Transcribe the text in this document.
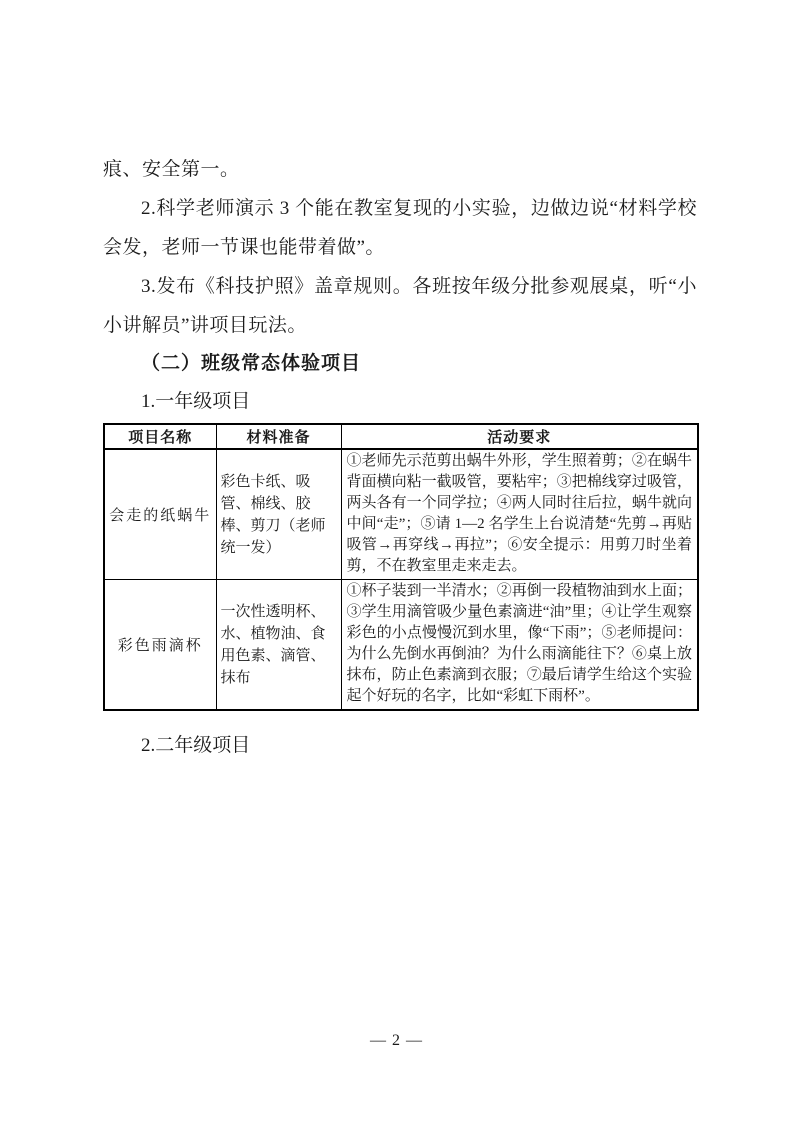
痕、安全第一。

2.科学老师演示 3 个能在教室复现的小实验，边做边说“材料学校会发，老师一节课也能带着做”。

3.发布《科技护照》盖章规则。各班按年级分批参观展桌，听“小小讲解员”讲项目玩法。

（二）班级常态体验项目

1.一年级项目

项目名称	材料准备	活动要求
会走的纸蜗牛	彩色卡纸、吸管、棉线、胶棒、剪刀（老师统一发）	①老师先示范剪出蜗牛外形，学生照着剪；②在蜗牛背面横向粘一截吸管，要粘牢；③把棉线穿过吸管，两头各有一个同学拉；④两人同时往后拉，蜗牛就向中间“走”；⑤请 1—2 名学生上台说清楚“先剪→再贴吸管→再穿线→再拉”；⑥安全提示：用剪刀时坐着剪，不在教室里走来走去。
彩色雨滴杯	一次性透明杯、水、植物油、食用色素、滴管、抹布	①杯子装到一半清水；②再倒一段植物油到水上面；③学生用滴管吸少量色素滴进“油”里；④让学生观察彩色的小点慢慢沉到水里，像“下雨”；⑤老师提问：为什么先倒水再倒油？为什么雨滴能往下？⑥桌上放抹布，防止色素滴到衣服；⑦最后请学生给这个实验起个好玩的名字，比如“彩虹下雨杯”。

2.二年级项目

— 2 —
